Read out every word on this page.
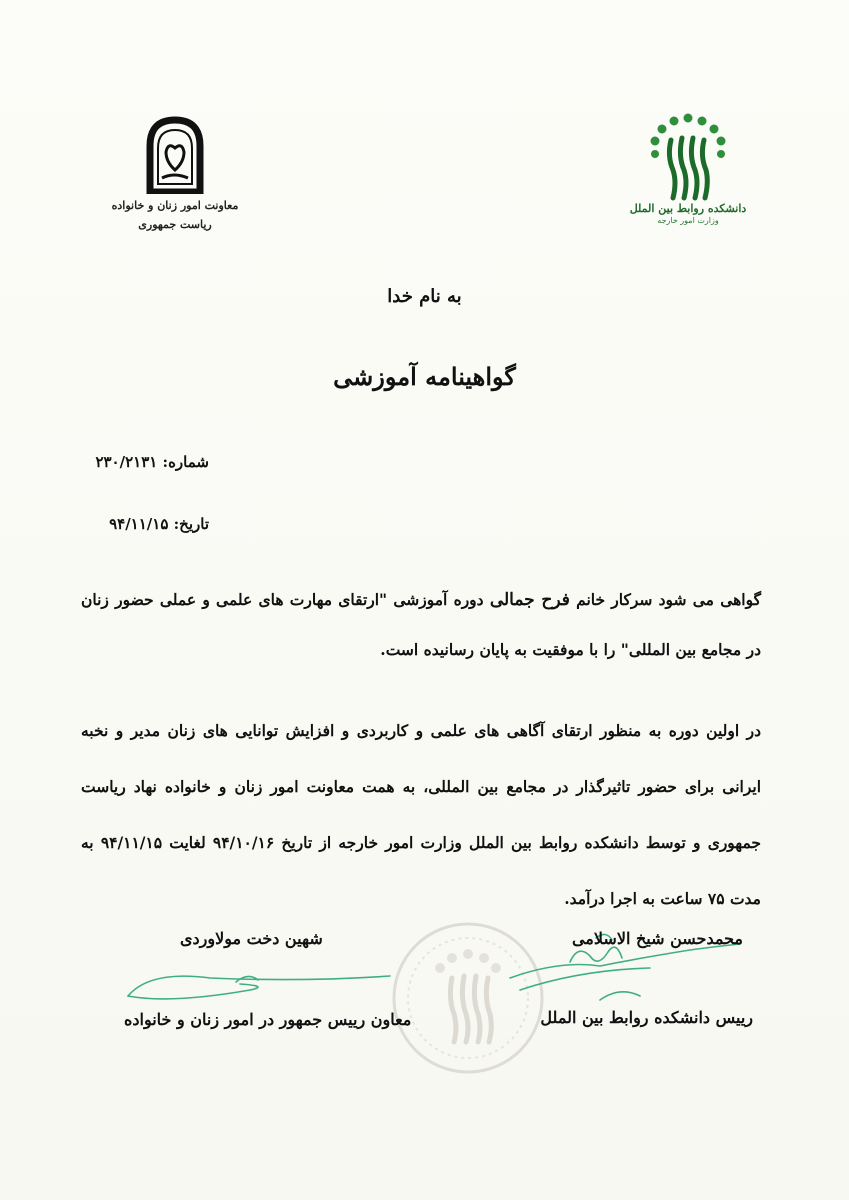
معاونت امور زنان و خانواده
ریاست جمهوری
دانشکده روابط بین الملل
وزارت امور خارجه
به نام خدا
گواهینامه آموزشی
شماره: ۲۳۰/۲۱۳۱
تاریخ: ۹۴/۱۱/۱۵
گواهی می شود سرکار خانم فرح جمالی دوره آموزشی "ارتقای مهارت های علمی و عملی حضور زنان در مجامع بین المللی" را با موفقیت به پایان رسانیده است.
در اولین دوره به منظور ارتقای آگاهی های علمی و کاربردی و افزایش توانایی های زنان مدیر و نخبه ایرانی برای حضور تاثیرگذار در مجامع بین المللی، به همت معاونت امور زنان و خانواده نهاد ریاست جمهوری و توسط دانشکده روابط بین الملل وزارت امور خارجه از تاریخ ۹۴/۱۰/۱۶ لغایت ۹۴/۱۱/۱۵ به مدت ۷۵ ساعت به اجرا درآمد.
محمدحسن شیخ الاسلامی
رییس دانشکده روابط بین الملل
شهین دخت مولاوردی
معاون رییس جمهور در امور زنان و خانواده
